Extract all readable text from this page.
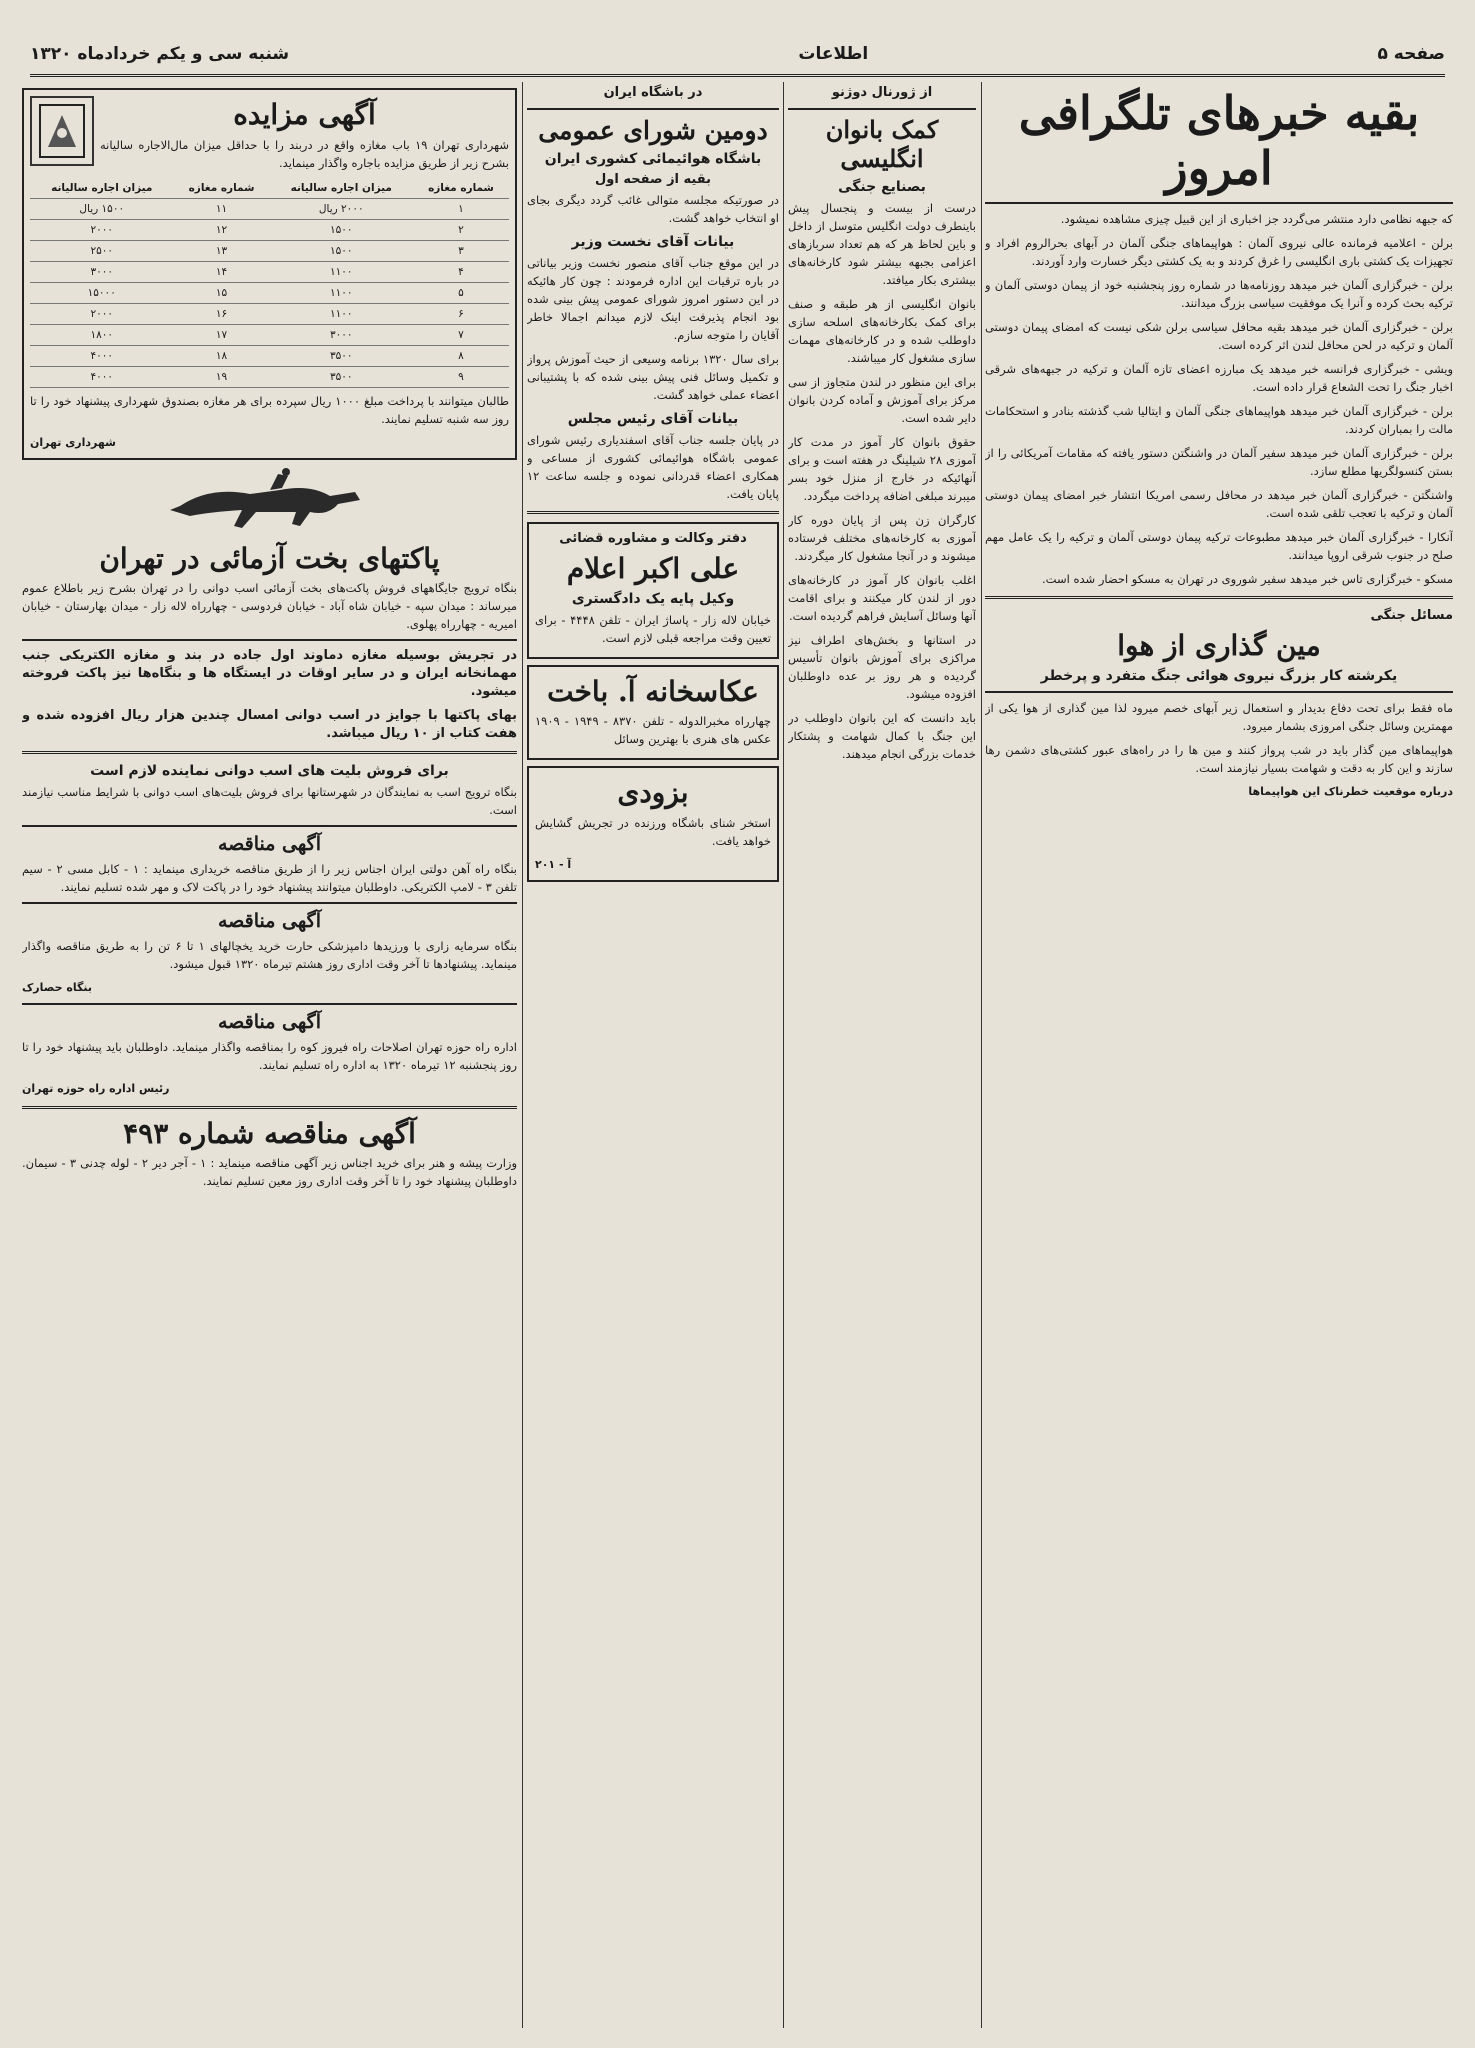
صفحه ۵
اطلاعات
شنبه سی و یکم خردادماه ۱۳۲۰
بقیه خبرهای تلگرافی امروز

که جبهه نظامی دارد منتشر می‌گردد جز اخباری از این قبیل چیزی مشاهده نمیشود.

برلن - اعلامیه فرمانده عالی نیروی آلمان : هواپیماهای جنگی آلمان در آبهای بحرالروم افراد و تجهیزات یک کشتی باری انگلیسی را غرق کردند و به یک کشتی دیگر خسارت وارد آوردند.

برلن - خبرگزاری آلمان خبر میدهد روزنامه‌ها در شماره روز پنجشنبه خود از پیمان دوستی آلمان و ترکیه بحث کرده و آنرا یک موفقیت سیاسی بزرگ میدانند.

برلن - خبرگزاری آلمان خبر میدهد بقیه محافل سیاسی برلن شکی نیست که امضای پیمان دوستی آلمان و ترکیه در لحن محافل لندن اثر کرده است.

ویشی - خبرگزاری فرانسه خبر میدهد یک مبارزه اعضای تازه آلمان و ترکیه در جبهه‌های شرقی اخبار جنگ را تحت الشعاع قرار داده است.

برلن - خبرگزاری آلمان خبر میدهد هواپیماهای جنگی آلمان و ایتالیا شب گذشته بنادر و استحکامات مالت را بمباران کردند.

برلن - خبرگزاری آلمان خبر میدهد سفیر آلمان در واشنگتن دستور یافته که مقامات آمریکائی را از بستن کنسولگریها مطلع سازد.

واشنگتن - خبرگزاری آلمان خبر میدهد در محافل رسمی امریکا انتشار خبر امضای پیمان دوستی آلمان و ترکیه با تعجب تلقی شده است.

آنکارا - خبرگزاری آلمان خبر میدهد مطبوعات ترکیه پیمان دوستی آلمان و ترکیه را یک عامل مهم صلح در جنوب شرقی اروپا میدانند.

مسکو - خبرگزاری تاس خبر میدهد سفیر شوروی در تهران به مسکو احضار شده است.

مسائل جنگی
مین گذاری از هوا
یکرشته کار بزرگ نیروی هوائی جنگ متفرد و پرخطر

ماه فقط برای تحت دفاع بدیدار و استعمال زیر آبهای خصم میرود لذا مین گذاری از هوا یکی از مهمترین وسائل جنگی امروزی بشمار میرود.

هواپیماهای مین گذار باید در شب پرواز کنند و مین ها را در راه‌های عبور کشتی‌های دشمن رها سازند و این کار به دقت و شهامت بسیار نیازمند است.

درباره موقعیت خطرناک این هواپیماها
از ژورنال دوژنو
کمک بانوان انگلیسی
بصنایع جنگی

درست از بیست و پنجسال پیش باینطرف دولت انگلیس متوسل از داخل و باین لحاظ هر که هم تعداد سربازهای اعزامی بجبهه بیشتر شود کارخانه‌های بیشتری بکار میافتد.

بانوان انگلیسی از هر طبقه و صنف برای کمک بکارخانه‌های اسلحه سازی داوطلب شده و در کارخانه‌های مهمات سازی مشغول کار میباشند.

برای این منظور در لندن متجاوز از سی مرکز برای آموزش و آماده کردن بانوان دایر شده است.

حقوق بانوان کار آموز در مدت کار آموزی ۲۸ شیلینگ در هفته است و برای آنهائیکه در خارج از منزل خود بسر میبرند مبلغی اضافه پرداخت میگردد.

کارگران زن پس از پایان دوره کار آموزی به کارخانه‌های مختلف فرستاده میشوند و در آنجا مشغول کار میگردند.

اغلب بانوان کار آموز در کارخانه‌های دور از لندن کار میکنند و برای اقامت آنها وسائل آسایش فراهم گردیده است.

در استانها و بخش‌های اطراف نیز مراکزی برای آموزش بانوان تأسیس گردیده و هر روز بر عده داوطلبان افزوده میشود.

باید دانست که این بانوان داوطلب در این جنگ با کمال شهامت و پشتکار خدمات بزرگی انجام میدهند.

در باشگاه ایران
دومین شورای عمومی
باشگاه هوائیمائی کشوری ایران
بقیه از صفحه اول

در صورتیکه مجلسه متوالی غائب گردد دیگری بجای او انتخاب خواهد گشت.

بیانات آقای نخست وزیر

در این موقع جناب آقای منصور نخست وزیر بیاناتی در باره ترقیات این اداره فرمودند : چون کار هائیکه در این دستور امروز شورای عمومی پیش بینی شده بود انجام پذیرفت اینک لازم میدانم اجمالا خاطر آقایان را متوجه سازم.

برای سال ۱۳۲۰ برنامه وسیعی از حیث آموزش پرواز و تکمیل وسائل فنی پیش بینی شده که با پشتیبانی اعضاء عملی خواهد گشت.

بیانات آقای رئیس مجلس

در پایان جلسه جناب آقای اسفندیاری رئیس شورای عمومی باشگاه هوائیمائی کشوری از مساعی و همکاری اعضاء قدردانی نموده و جلسه ساعت ۱۲ پایان یافت.

دفتر وکالت و مشاوره قضائی
علی اکبر اعلام
وکیل پایه یک دادگستری

خیابان لاله زار - پاساژ ایران - تلفن ۴۴۴۸ - برای تعیین وقت مراجعه قبلی لازم است.

عکاسخانه آ. باخت

چهارراه مخبرالدوله - تلفن ۸۳۷۰ - ۱۹۴۹ - ۱۹۰۹ عکس های هنری با بهترین وسائل

بزودی

استخر شنای باشگاه ورزنده در تجریش گشایش خواهد یافت.

آ - ۲۰۱
آگهی مزایده

شهرداری تهران ۱۹ باب مغازه واقع در دربند را با حداقل میزان مال‌الاجاره سالیانه بشرح زیر از طریق مزایده باجاره واگذار مینماید.

شماره مغازه	میزان اجاره سالیانه	شماره مغازه	میزان اجاره سالیانه
۱	۲۰۰۰ ریال	۱۱	۱۵۰۰ ریال
۲	۱۵۰۰	۱۲	۲۰۰۰
۳	۱۵۰۰	۱۳	۲۵۰۰
۴	۱۱۰۰	۱۴	۳۰۰۰
۵	۱۱۰۰	۱۵	۱۵۰۰۰
۶	۱۱۰۰	۱۶	۲۰۰۰
۷	۳۰۰۰	۱۷	۱۸۰۰
۸	۳۵۰۰	۱۸	۴۰۰۰
۹	۳۵۰۰	۱۹	۴۰۰۰

طالبان میتوانند با پرداخت مبلغ ۱۰۰۰ ریال سپرده برای هر مغازه بصندوق شهرداری پیشنهاد خود را تا روز سه شنبه تسلیم نمایند.

شهرداری تهران
پاکتهای بخت آزمائی در تهران

بنگاه ترویج جایگاههای فروش پاکت‌های بخت آزمائی اسب دوانی را در تهران بشرح زیر باطلاع عموم میرساند : میدان سپه - خیابان شاه آباد - خیابان فردوسی - چهارراه لاله زار - میدان بهارستان - خیابان امیریه - چهارراه پهلوی.

در تجریش بوسیله مغازه دماوند اول جاده در بند و مغازه الکتریکی جنب مهمانخانه ایران و در سایر اوقات در ایستگاه ها و بنگاه‌ها نیز پاکت فروخته میشود.

بهای پاکتها با جوایز در اسب دوانی امسال چندین هزار ریال افزوده شده و هفت کتاب از ۱۰ ریال میباشد.

برای فروش بلیت های اسب دوانی نماینده لازم است

بنگاه ترویج اسب به نمایندگان در شهرستانها برای فروش بلیت‌های اسب دوانی با شرایط مناسب نیازمند است.

آگهی مناقصه

بنگاه راه آهن دولتی ایران اجناس زیر را از طریق مناقصه خریداری مینماید : ۱ - کابل مسی ۲ - سیم تلفن ۳ - لامپ الکتریکی. داوطلبان میتوانند پیشنهاد خود را در پاکت لاک و مهر شده تسلیم نمایند.

آگهی مناقصه

بنگاه سرمایه زاری با ورزیدها دامپزشکی حارت خرید یخچالهای ۱ تا ۶ تن را به طریق مناقصه واگذار مینماید. پیشنهادها تا آخر وقت اداری روز هشتم تیرماه ۱۳۲۰ قبول میشود.

بنگاه حصارک
آگهی مناقصه

اداره راه حوزه تهران اصلاحات راه فیروز کوه را بمناقصه واگذار مینماید. داوطلبان باید پیشنهاد خود را تا روز پنجشنبه ۱۲ تیرماه ۱۳۲۰ به اداره راه تسلیم نمایند.

رئیس اداره راه حوزه تهران
آگهی مناقصه شماره ۴۹۳

وزارت پیشه و هنر برای خرید اجناس زیر آگهی مناقصه مینماید : ۱ - آجر دیر ۲ - لوله چدنی ۳ - سیمان. داوطلبان پیشنهاد خود را تا آخر وقت اداری روز معین تسلیم نمایند.
